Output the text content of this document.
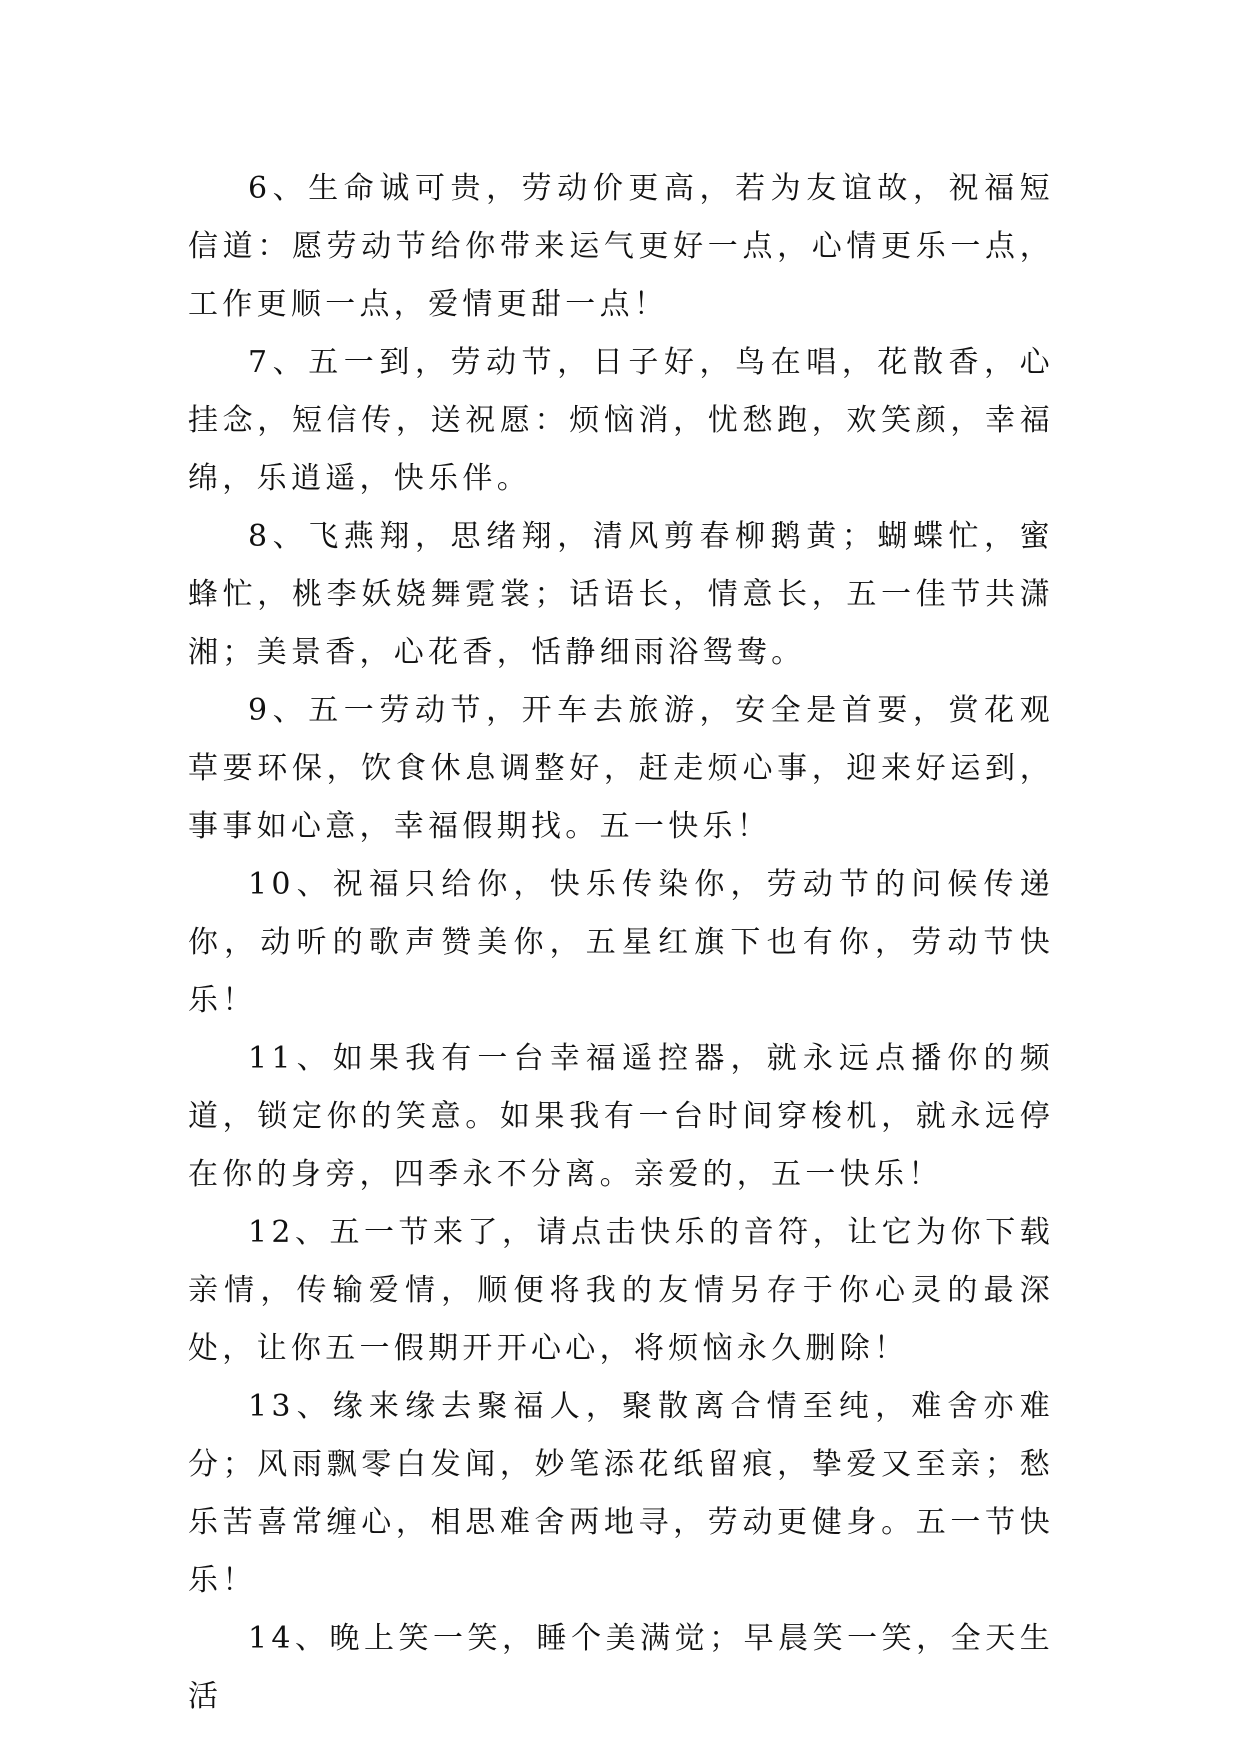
6、生命诚可贵，劳动价更高，若为友谊故，祝福短信道：愿劳动节给你带来运气更好一点，心情更乐一点，工作更顺一点，爱情更甜一点！

7、五一到，劳动节，日子好，鸟在唱，花散香，心挂念，短信传，送祝愿：烦恼消，忧愁跑，欢笑颜，幸福绵，乐逍遥，快乐伴。

8、飞燕翔，思绪翔，清风剪春柳鹅黄；蝴蝶忙，蜜蜂忙，桃李妖娆舞霓裳；话语长，情意长，五一佳节共潇湘；美景香，心花香，恬静细雨浴鸳鸯。

9、五一劳动节，开车去旅游，安全是首要，赏花观草要环保，饮食休息调整好，赶走烦心事，迎来好运到，事事如心意，幸福假期找。五一快乐！

10、祝福只给你，快乐传染你，劳动节的问候传递你，动听的歌声赞美你，五星红旗下也有你，劳动节快乐！

11、如果我有一台幸福遥控器，就永远点播你的频道，锁定你的笑意。如果我有一台时间穿梭机，就永远停在你的身旁，四季永不分离。亲爱的，五一快乐！

12、五一节来了，请点击快乐的音符，让它为你下载亲情，传输爱情，顺便将我的友情另存于你心灵的最深处，让你五一假期开开心心，将烦恼永久删除！

13、缘来缘去聚福人，聚散离合情至纯，难舍亦难分；风雨飘零白发闻，妙笔添花纸留痕，挚爱又至亲；愁乐苦喜常缠心，相思难舍两地寻，劳动更健身。五一节快乐！

14、晚上笑一笑，睡个美满觉；早晨笑一笑，全天生活
